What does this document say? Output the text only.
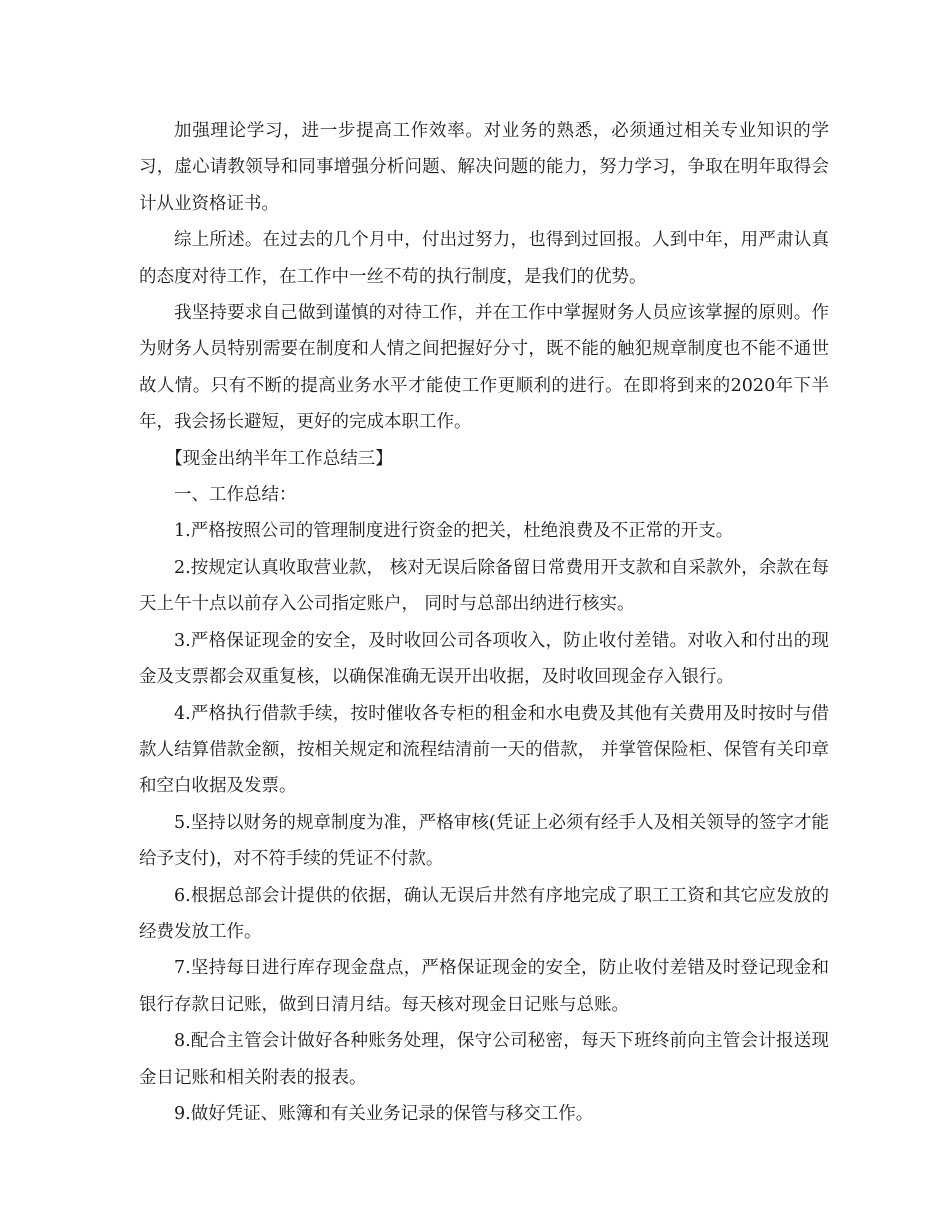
加强理论学习，进一步提高工作效率。对业务的熟悉，必须通过相关专业知识的学习，虚心请教领导和同事增强分析问题、解决问题的能力，努力学习，争取在明年取得会计从业资格证书。

综上所述。在过去的几个月中，付出过努力，也得到过回报。人到中年，用严肃认真的态度对待工作，在工作中一丝不苟的执行制度，是我们的优势。

我坚持要求自己做到谨慎的对待工作，并在工作中掌握财务人员应该掌握的原则。作为财务人员特别需要在制度和人情之间把握好分寸，既不能的触犯规章制度也不能不通世故人情。只有不断的提高业务水平才能使工作更顺利的进行。在即将到来的2020年下半年，我会扬长避短，更好的完成本职工作。

【现金出纳半年工作总结三】

一、工作总结：

1.严格按照公司的管理制度进行资金的把关，杜绝浪费及不正常的开支。

2.按规定认真收取营业款， 核对无误后除备留日常费用开支款和自采款外，余款在每天上午十点以前存入公司指定账户， 同时与总部出纳进行核实。

3.严格保证现金的安全，及时收回公司各项收入，防止收付差错。对收入和付出的现金及支票都会双重复核，以确保准确无误开出收据，及时收回现金存入银行。

4.严格执行借款手续，按时催收各专柜的租金和水电费及其他有关费用及时按时与借款人结算借款金额，按相关规定和流程结清前一天的借款， 并掌管保险柜、保管有关印章和空白收据及发票。

5.坚持以财务的规章制度为准，严格审核(凭证上必须有经手人及相关领导的签字才能给予支付)，对不符手续的凭证不付款。

6.根据总部会计提供的依据，确认无误后井然有序地完成了职工工资和其它应发放的经费发放工作。

7.坚持每日进行库存现金盘点，严格保证现金的安全，防止收付差错及时登记现金和银行存款日记账，做到日清月结。每天核对现金日记账与总账。

8.配合主管会计做好各种账务处理，保守公司秘密，每天下班终前向主管会计报送现金日记账和相关附表的报表。

9.做好凭证、账簿和有关业务记录的保管与移交工作。
